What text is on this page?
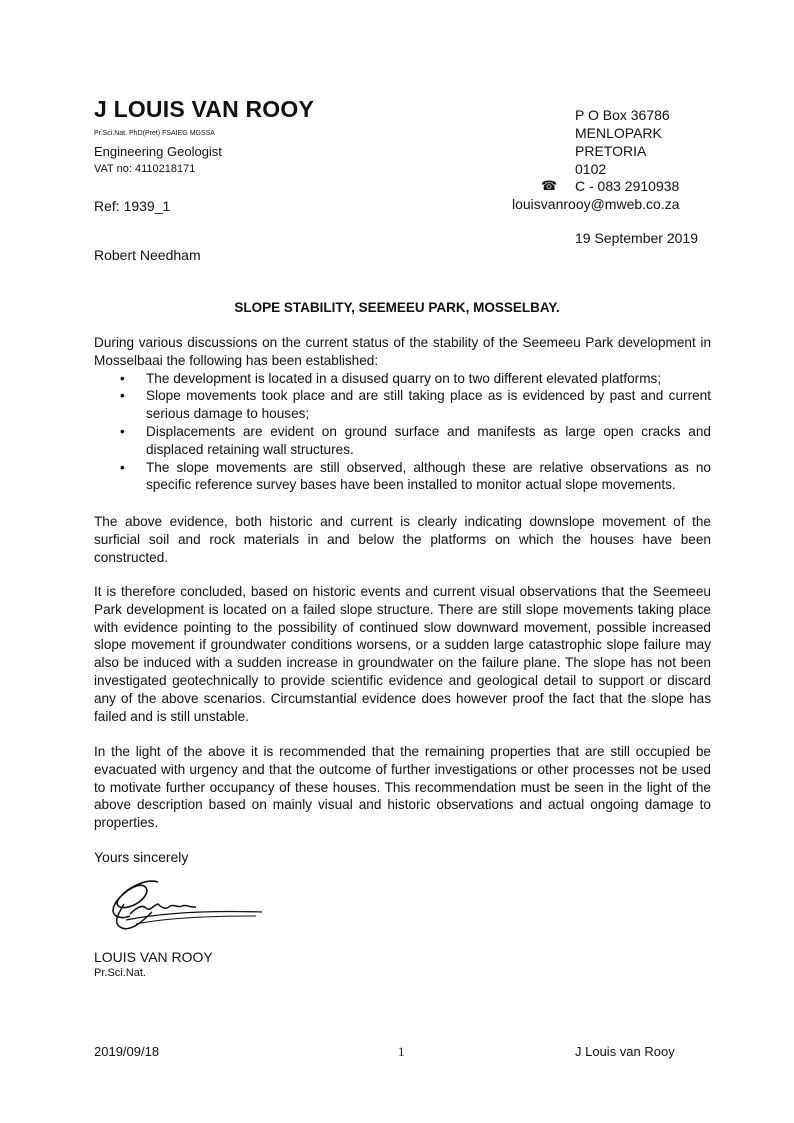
J LOUIS VAN ROOY
Pr.Sci.Nat. PhD(Pret) FSAIEG MGSSA
Engineering Geologist
VAT no: 4110218171
P O Box 36786
MENLOPARK
PRETORIA
0102
☎ C - 083 2910938
Ref: 1939_1	louisvanrooy@mweb.co.za
19 September 2019
Robert Needham
SLOPE STABILITY, SEEMEEU PARK, MOSSELBAY.

During various discussions on the current status of the stability of the Seemeeu Park development in Mosselbaai the following has been established:

• The development is located in a disused quarry on to two different elevated platforms;
• Slope movements took place and are still taking place as is evidenced by past and current serious damage to houses;
• Displacements are evident on ground surface and manifests as large open cracks and displaced retaining wall structures.
• The slope movements are still observed, although these are relative observations as no specific reference survey bases have been installed to monitor actual slope movements.
The above evidence, both historic and current is clearly indicating downslope movement of the surficial soil and rock materials in and below the platforms on which the houses have been constructed.
It is therefore concluded, based on historic events and current visual observations that the Seemeeu Park development is located on a failed slope structure. There are still slope movements taking place with evidence pointing to the possibility of continued slow downward movement, possible increased slope movement if groundwater conditions worsens, or a sudden large catastrophic slope failure may also be induced with a sudden increase in groundwater on the failure plane. The slope has not been investigated geotechnically to provide scientific evidence and geological detail to support or discard any of the above scenarios. Circumstantial evidence does however proof the fact that the slope has failed and is still unstable.
In the light of the above it is recommended that the remaining properties that are still occupied be evacuated with urgency and that the outcome of further investigations or other processes not be used to motivate further occupancy of these houses. This recommendation must be seen in the light of the above description based on mainly visual and historic observations and actual ongoing damage to properties.
Yours sincerely
LOUIS VAN ROOY
Pr.Sci.Nat.
2019/09/18	1	J Louis van Rooy
